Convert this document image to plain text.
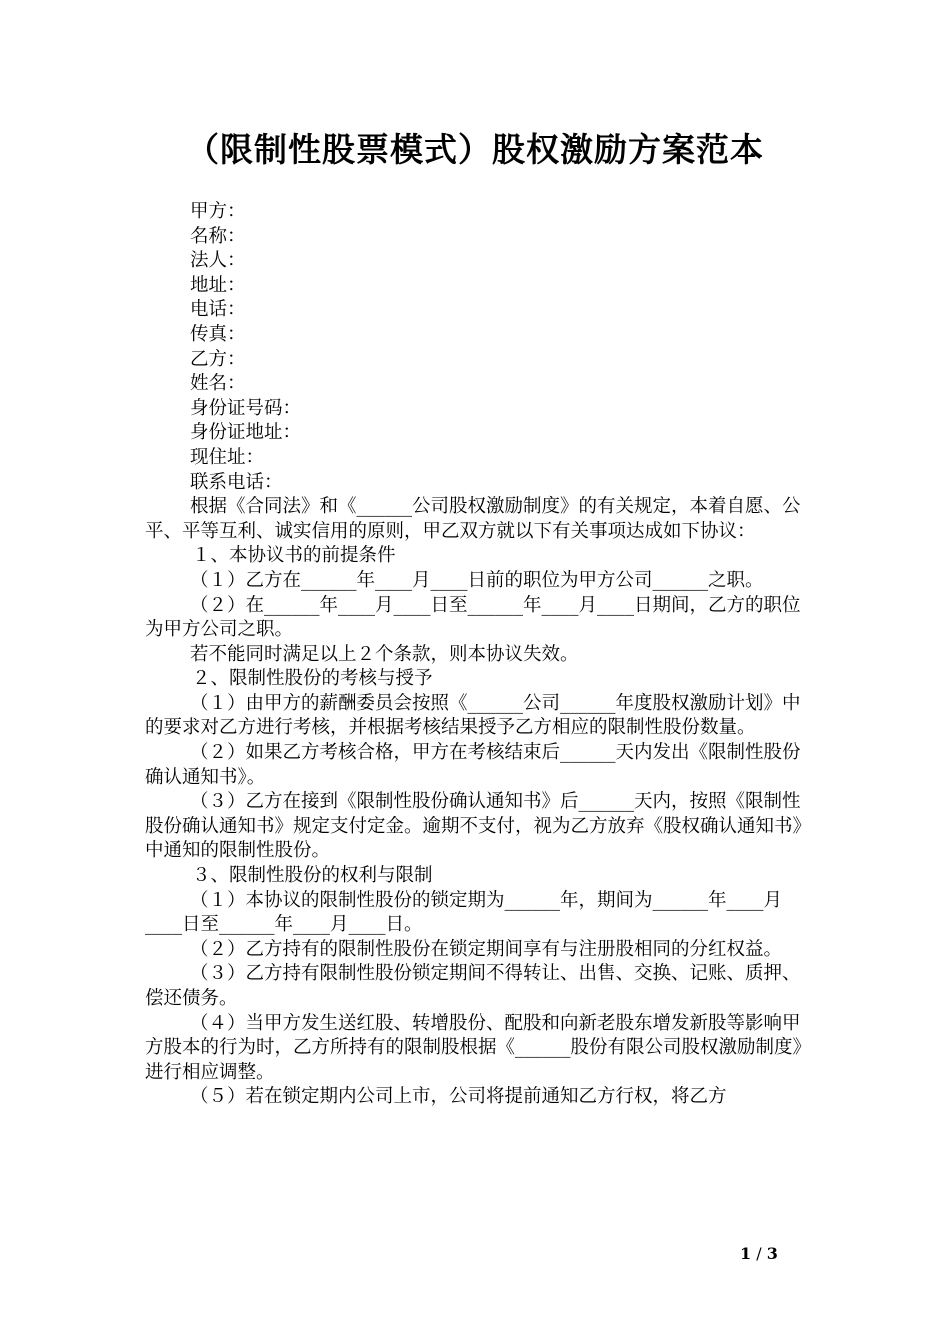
（限制性股票模式）股权激励方案范本

甲方：

名称：

法人：

地址：

电话：

传真：

乙方：

姓名：

身份证号码：

身份证地址：

现住址：

联系电话：

根据《合同法》和《______公司股权激励制度》的有关规定，本着自愿、公平、平等互利、诚实信用的原则，甲乙双方就以下有关事项达成如下协议：

１、本协议书的前提条件

（１）乙方在______年____月____日前的职位为甲方公司______之职。

（２）在______年____月____日至______年____月____日期间，乙方的职位为甲方公司之职。

若不能同时满足以上２个条款，则本协议失效。

２、限制性股份的考核与授予

（１）由甲方的薪酬委员会按照《______公司______年度股权激励计划》中的要求对乙方进行考核，并根据考核结果授予乙方相应的限制性股份数量。

（２）如果乙方考核合格，甲方在考核结束后______天内发出《限制性股份确认通知书》。

（３）乙方在接到《限制性股份确认通知书》后______天内，按照《限制性股份确认通知书》规定支付定金。逾期不支付，视为乙方放弃《股权确认通知书》中通知的限制性股份。

３、限制性股份的权利与限制

（１）本协议的限制性股份的锁定期为______年，期间为______年____月____日至______年____月____日。

（２）乙方持有的限制性股份在锁定期间享有与注册股相同的分红权益。

（３）乙方持有限制性股份锁定期间不得转让、出售、交换、记账、质押、偿还债务。

（４）当甲方发生送红股、转增股份、配股和向新老股东增发新股等影响甲方股本的行为时，乙方所持有的限制股根据《______股份有限公司股权激励制度》进行相应调整。

（５）若在锁定期内公司上市，公司将提前通知乙方行权，将乙方

1 / 3
